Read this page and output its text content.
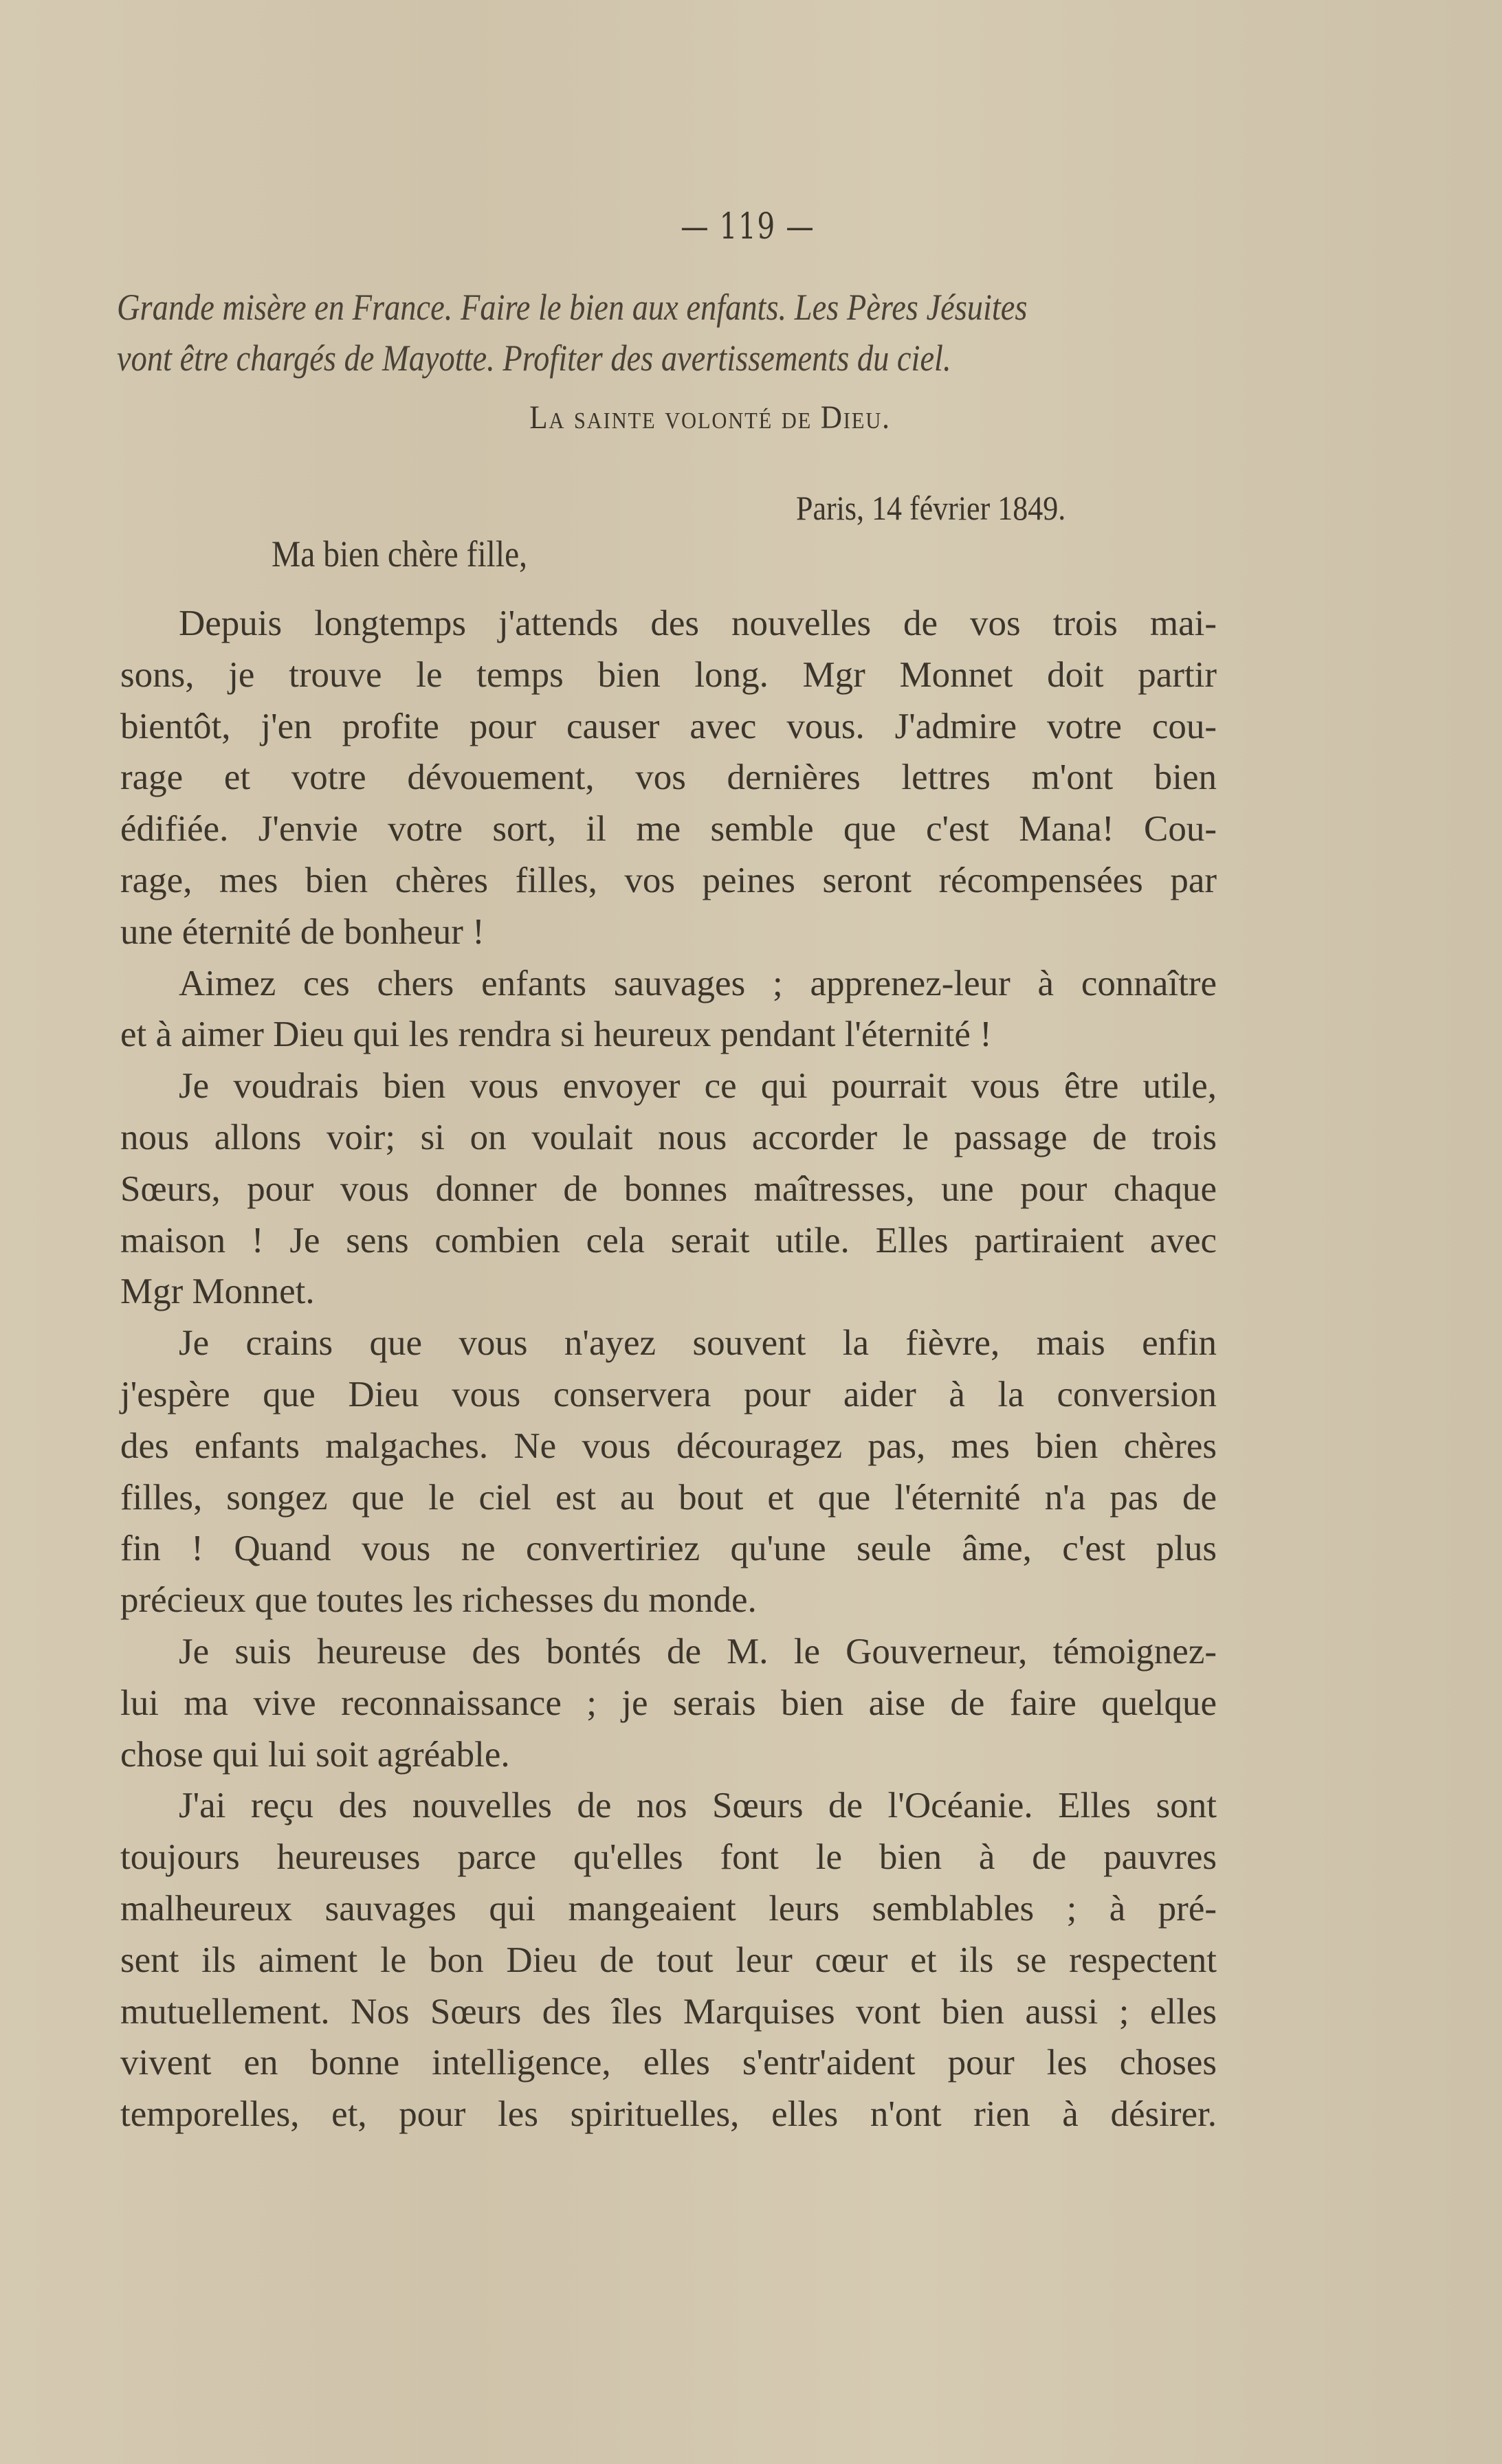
— 119 —
Grande misère en France. Faire le bien aux enfants. Les Pères Jésuites
vont être chargés de Mayotte. Profiter des avertissements du ciel.
La sainte volonté de Dieu.
Paris, 14 février 1849.
Ma bien chère fille,
Depuis longtemps j'attends des nouvelles de vos trois mai-
sons, je trouve le temps bien long. Mgr Monnet doit partir
bientôt, j'en profite pour causer avec vous. J'admire votre cou-
rage et votre dévouement, vos dernières lettres m'ont bien
édifiée. J'envie votre sort, il me semble que c'est Mana! Cou-
rage, mes bien chères filles, vos peines seront récompensées par
une éternité de bonheur !
Aimez ces chers enfants sauvages ; apprenez-leur à connaître
et à aimer Dieu qui les rendra si heureux pendant l'éternité !
Je voudrais bien vous envoyer ce qui pourrait vous être utile,
nous allons voir; si on voulait nous accorder le passage de trois
Sœurs, pour vous donner de bonnes maîtresses, une pour chaque
maison ! Je sens combien cela serait utile. Elles partiraient avec
Mgr Monnet.
Je crains que vous n'ayez souvent la fièvre, mais enfin
j'espère que Dieu vous conservera pour aider à la conversion
des enfants malgaches. Ne vous découragez pas, mes bien chères
filles, songez que le ciel est au bout et que l'éternité n'a pas de
fin ! Quand vous ne convertiriez qu'une seule âme, c'est plus
précieux que toutes les richesses du monde.
Je suis heureuse des bontés de M. le Gouverneur, témoignez-
lui ma vive reconnaissance ; je serais bien aise de faire quelque
chose qui lui soit agréable.
J'ai reçu des nouvelles de nos Sœurs de l'Océanie. Elles sont
toujours heureuses parce qu'elles font le bien à de pauvres
malheureux sauvages qui mangeaient leurs semblables ; à pré-
sent ils aiment le bon Dieu de tout leur cœur et ils se respectent
mutuellement. Nos Sœurs des îles Marquises vont bien aussi ; elles
vivent en bonne intelligence, elles s'entr'aident pour les choses
temporelles, et, pour les spirituelles, elles n'ont rien à désirer.
